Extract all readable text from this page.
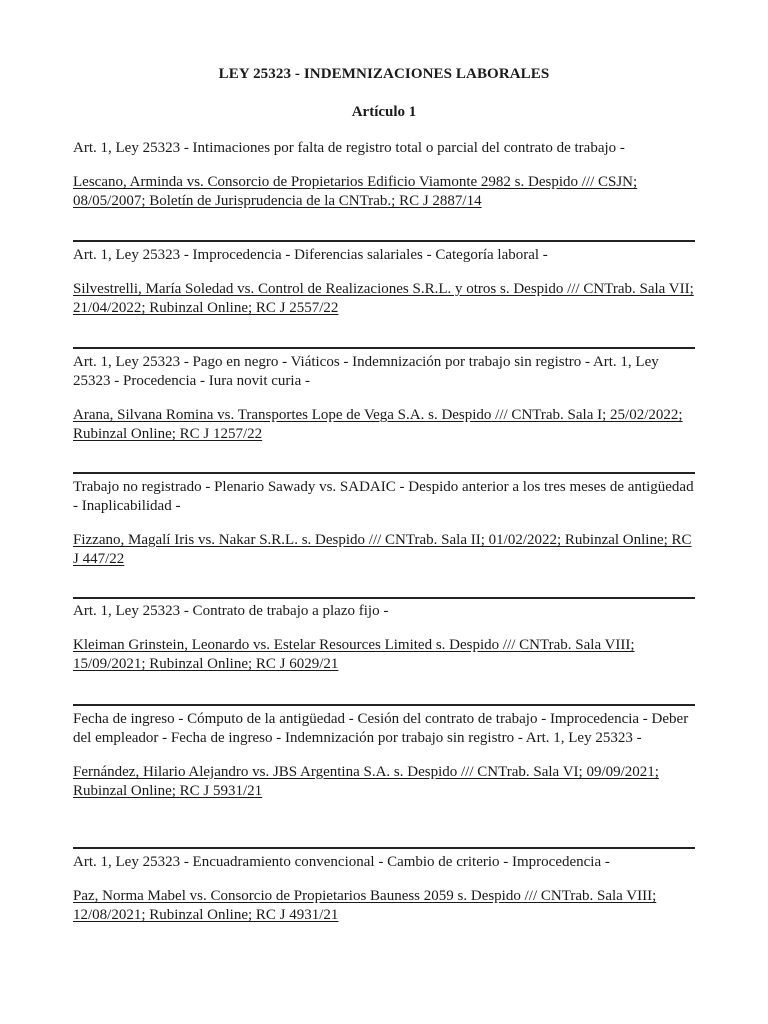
LEY 25323 - INDEMNIZACIONES LABORALES
Artículo 1

Art. 1, Ley 25323 - Intimaciones por falta de registro total o parcial del contrato de trabajo -

Lescano, Arminda vs. Consorcio de Propietarios Edificio Viamonte 2982 s. Despido /// CSJN; 08/05/2007; Boletín de Jurisprudencia de la CNTrab.; RC J 2887/14

Art. 1, Ley 25323 - Improcedencia - Diferencias salariales - Categoría laboral -

Silvestrelli, María Soledad vs. Control de Realizaciones S.R.L. y otros s. Despido /// CNTrab. Sala VII; 21/04/2022; Rubinzal Online; RC J 2557/22

Art. 1, Ley 25323 - Pago en negro - Viáticos - Indemnización por trabajo sin registro - Art. 1, Ley 25323 - Procedencia - Iura novit curia -

Arana, Silvana Romina vs. Transportes Lope de Vega S.A. s. Despido /// CNTrab. Sala I; 25/02/2022; Rubinzal Online; RC J 1257/22

Trabajo no registrado - Plenario Sawady vs. SADAIC - Despido anterior a los tres meses de antigüedad - Inaplicabilidad -

Fizzano, Magalí Iris vs. Nakar S.R.L. s. Despido /// CNTrab. Sala II; 01/02/2022; Rubinzal Online; RC J 447/22

Art. 1, Ley 25323 - Contrato de trabajo a plazo fijo -

Kleiman Grinstein, Leonardo vs. Estelar Resources Limited s. Despido /// CNTrab. Sala VIII; 15/09/2021; Rubinzal Online; RC J 6029/21

Fecha de ingreso - Cómputo de la antigüedad - Cesión del contrato de trabajo - Improcedencia - Deber del empleador - Fecha de ingreso - Indemnización por trabajo sin registro - Art. 1, Ley 25323 -

Fernández, Hilario Alejandro vs. JBS Argentina S.A. s. Despido /// CNTrab. Sala VI; 09/09/2021; Rubinzal Online; RC J 5931/21

Art. 1, Ley 25323 - Encuadramiento convencional - Cambio de criterio - Improcedencia -

Paz, Norma Mabel vs. Consorcio de Propietarios Bauness 2059 s. Despido /// CNTrab. Sala VIII; 12/08/2021; Rubinzal Online; RC J 4931/21
